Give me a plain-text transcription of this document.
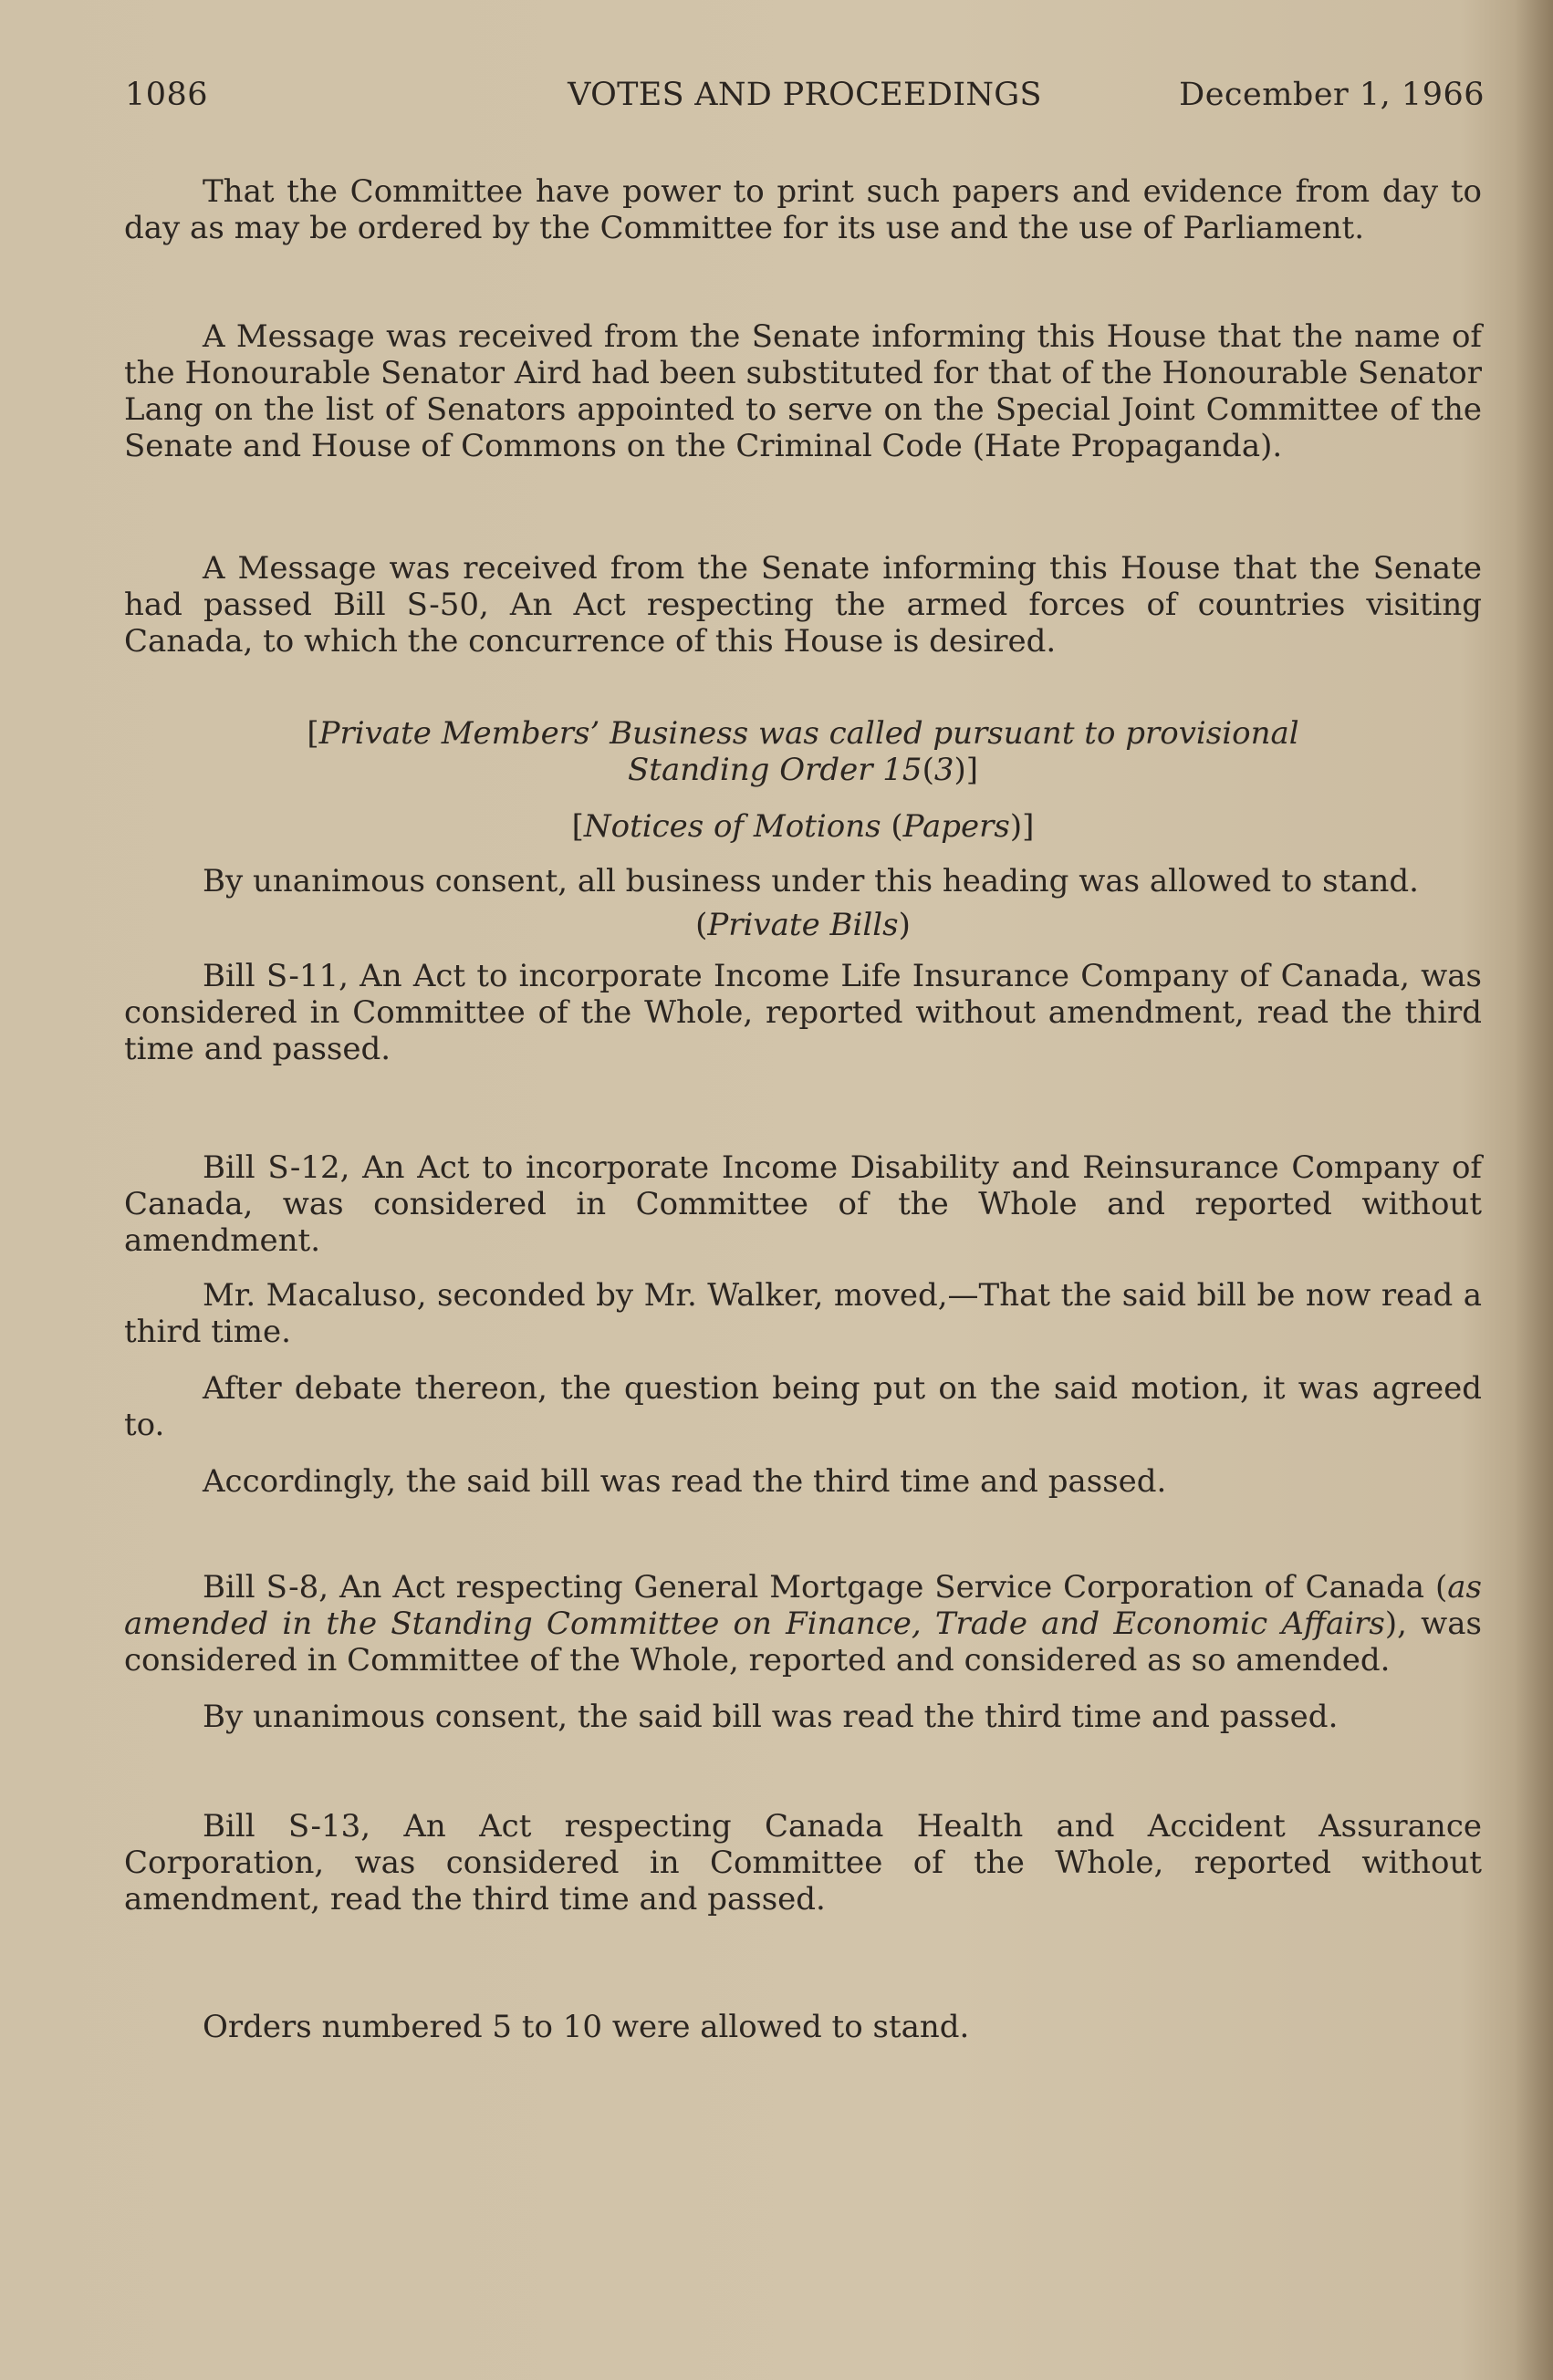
1086	VOTES AND PROCEEDINGS	December 1, 1966

That the Committee have power to print such papers and evidence from day to day as may be ordered by the Committee for its use and the use of Parliament.

A Message was received from the Senate informing this House that the name of the Honourable Senator Aird had been substituted for that of the Honourable Senator Lang on the list of Senators appointed to serve on the Special Joint Committee of the Senate and House of Commons on the Criminal Code (Hate Propaganda).

A Message was received from the Senate informing this House that the Senate had passed Bill S-50, An Act respecting the armed forces of countries visiting Canada, to which the concurrence of this House is desired.

[Private Members’ Business was called pursuant to provisional
Standing Order 15(3)]

[Notices of Motions (Papers)]

By unanimous consent, all business under this heading was allowed to stand.

(Private Bills)

Bill S-11, An Act to incorporate Income Life Insurance Company of Canada, was considered in Committee of the Whole, reported without amendment, read the third time and passed.

Bill S-12, An Act to incorporate Income Disability and Reinsurance Company of Canada, was considered in Committee of the Whole and reported without amendment.

Mr. Macaluso, seconded by Mr. Walker, moved,—That the said bill be now read a third time.

After debate thereon, the question being put on the said motion, it was agreed to.

Accordingly, the said bill was read the third time and passed.

Bill S-8, An Act respecting General Mortgage Service Corporation of Canada (as amended in the Standing Committee on Finance, Trade and Economic Affairs), was considered in Committee of the Whole, reported and considered as so amended.

By unanimous consent, the said bill was read the third time and passed.

Bill S-13, An Act respecting Canada Health and Accident Assurance Corporation, was considered in Committee of the Whole, reported without amendment, read the third time and passed.

Orders numbered 5 to 10 were allowed to stand.
